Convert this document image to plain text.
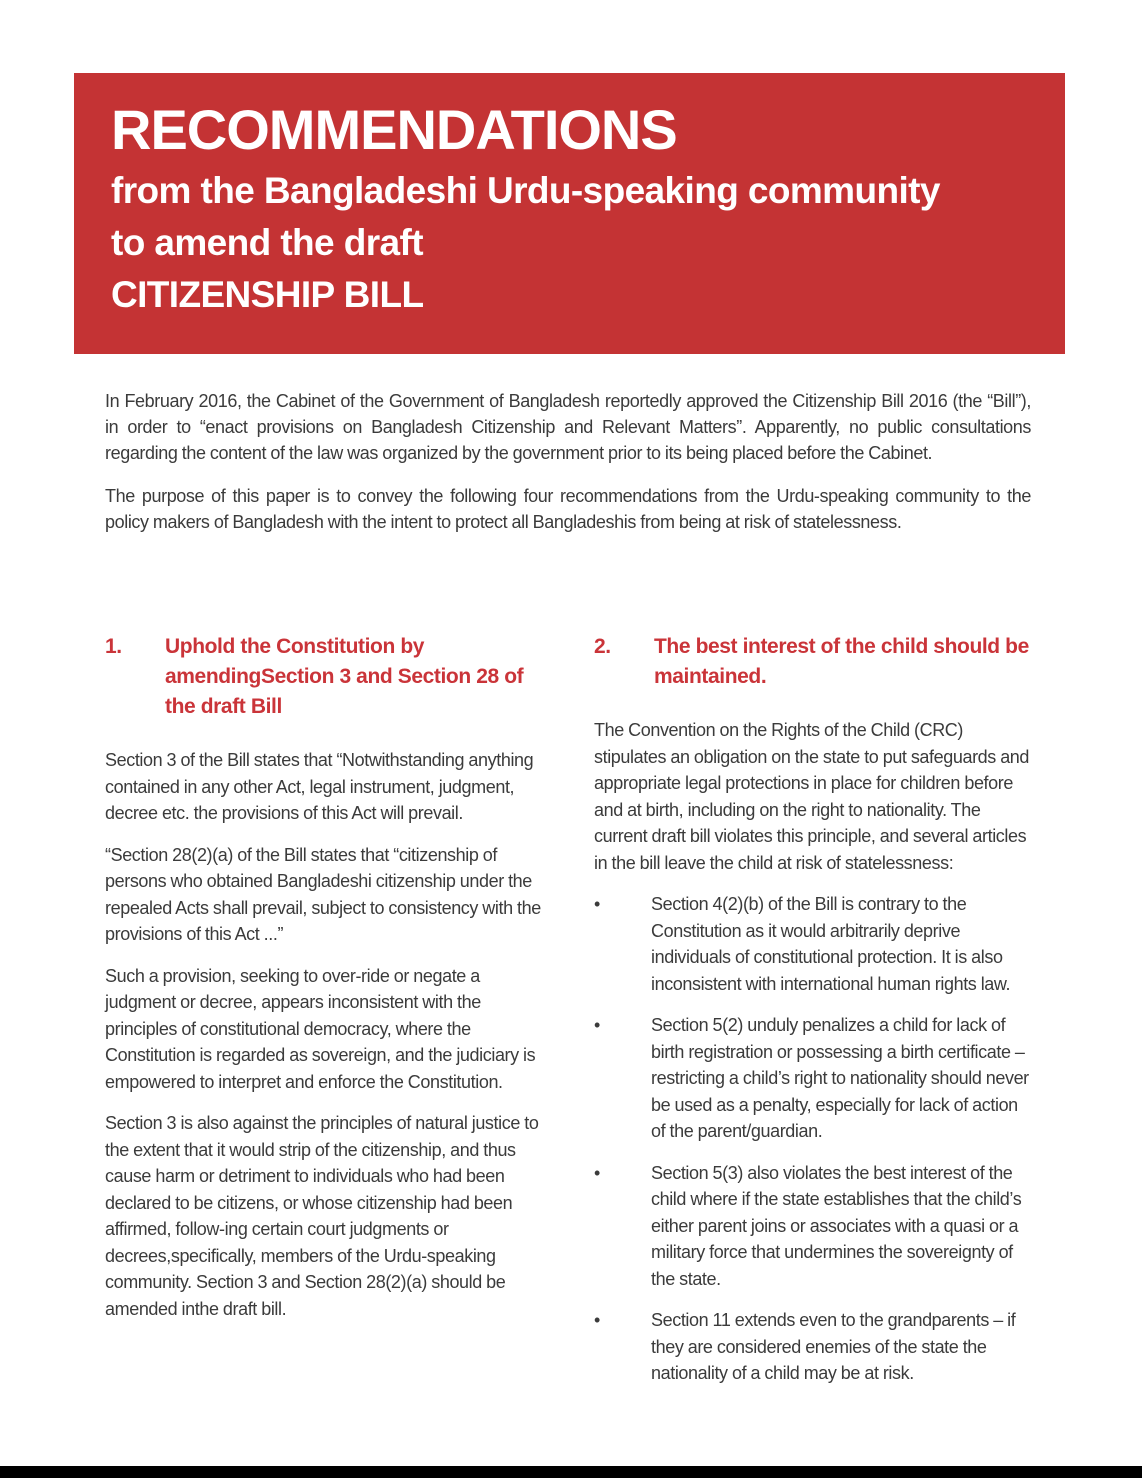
RECOMMENDATIONS
from the Bangladeshi Urdu-speaking community
to amend the draft
CITIZENSHIP BILL

In February 2016, the Cabinet of the Government of Bangladesh reportedly approved the Citizenship Bill 2016 (the “Bill”), in order to “enact provisions on Bangladesh Citizenship and Relevant Matters”. Apparently, no public consultations regarding the content of the law was organized by the government prior to its being placed before the Cabinet.

The purpose of this paper is to convey the following four recommendations from the Urdu-speaking community to the policy makers of Bangladesh with the intent to protect all Bangladeshis from being at risk of statelessness.

1.	Uphold the Constitution by amendingSection 3 and Section 28 of the draft Bill

Section 3 of the Bill states that “Notwithstanding anything contained in any other Act, legal instrument, judgment, decree etc. the provisions of this Act will prevail.

“Section 28(2)(a) of the Bill states that “citizenship of persons who obtained Bangladeshi citizenship under the repealed Acts shall prevail, subject to consistency with the provisions of this Act ...”

Such a provision, seeking to over-ride or negate a judgment or decree, appears inconsistent with the principles of constitutional democracy, where the Constitution is regarded as sovereign, and the judiciary is empowered to interpret and enforce the Constitution.

Section 3 is also against the principles of natural justice to the extent that it would strip of the citizenship, and thus cause harm or detriment to individuals who had been declared to be citizens, or whose citizenship had been affirmed, follow-ing certain court judgments or decrees,specifically, members of the Urdu-speaking community. Section 3 and Section 28(2)(a) should be amended inthe draft bill.

2.	The best interest of the child should be maintained.

The Convention on the Rights of the Child (CRC) stipulates an obligation on the state to put safeguards and appropriate legal protections in place for children before and at birth, including on the right to nationality. The current draft bill violates this principle, and several articles in the bill leave the child at risk of statelessness:

•	Section 4(2)(b) of the Bill is contrary to the Constitution as it would arbitrarily deprive individuals of constitutional protection. It is also inconsistent with international human rights law.
•	Section 5(2) unduly penalizes a child for lack of birth registration or possessing a birth certificate – restricting a child’s right to nationality should never be used as a penalty, especially for lack of action of the parent/guardian.
•	Section 5(3) also violates the best interest of the child where if the state establishes that the child’s either parent joins or associates with a quasi or a military force that undermines the sovereignty of the state.
•	Section 11 extends even to the grandparents – if they are considered enemies of the state the nationality of a child may be at risk.
